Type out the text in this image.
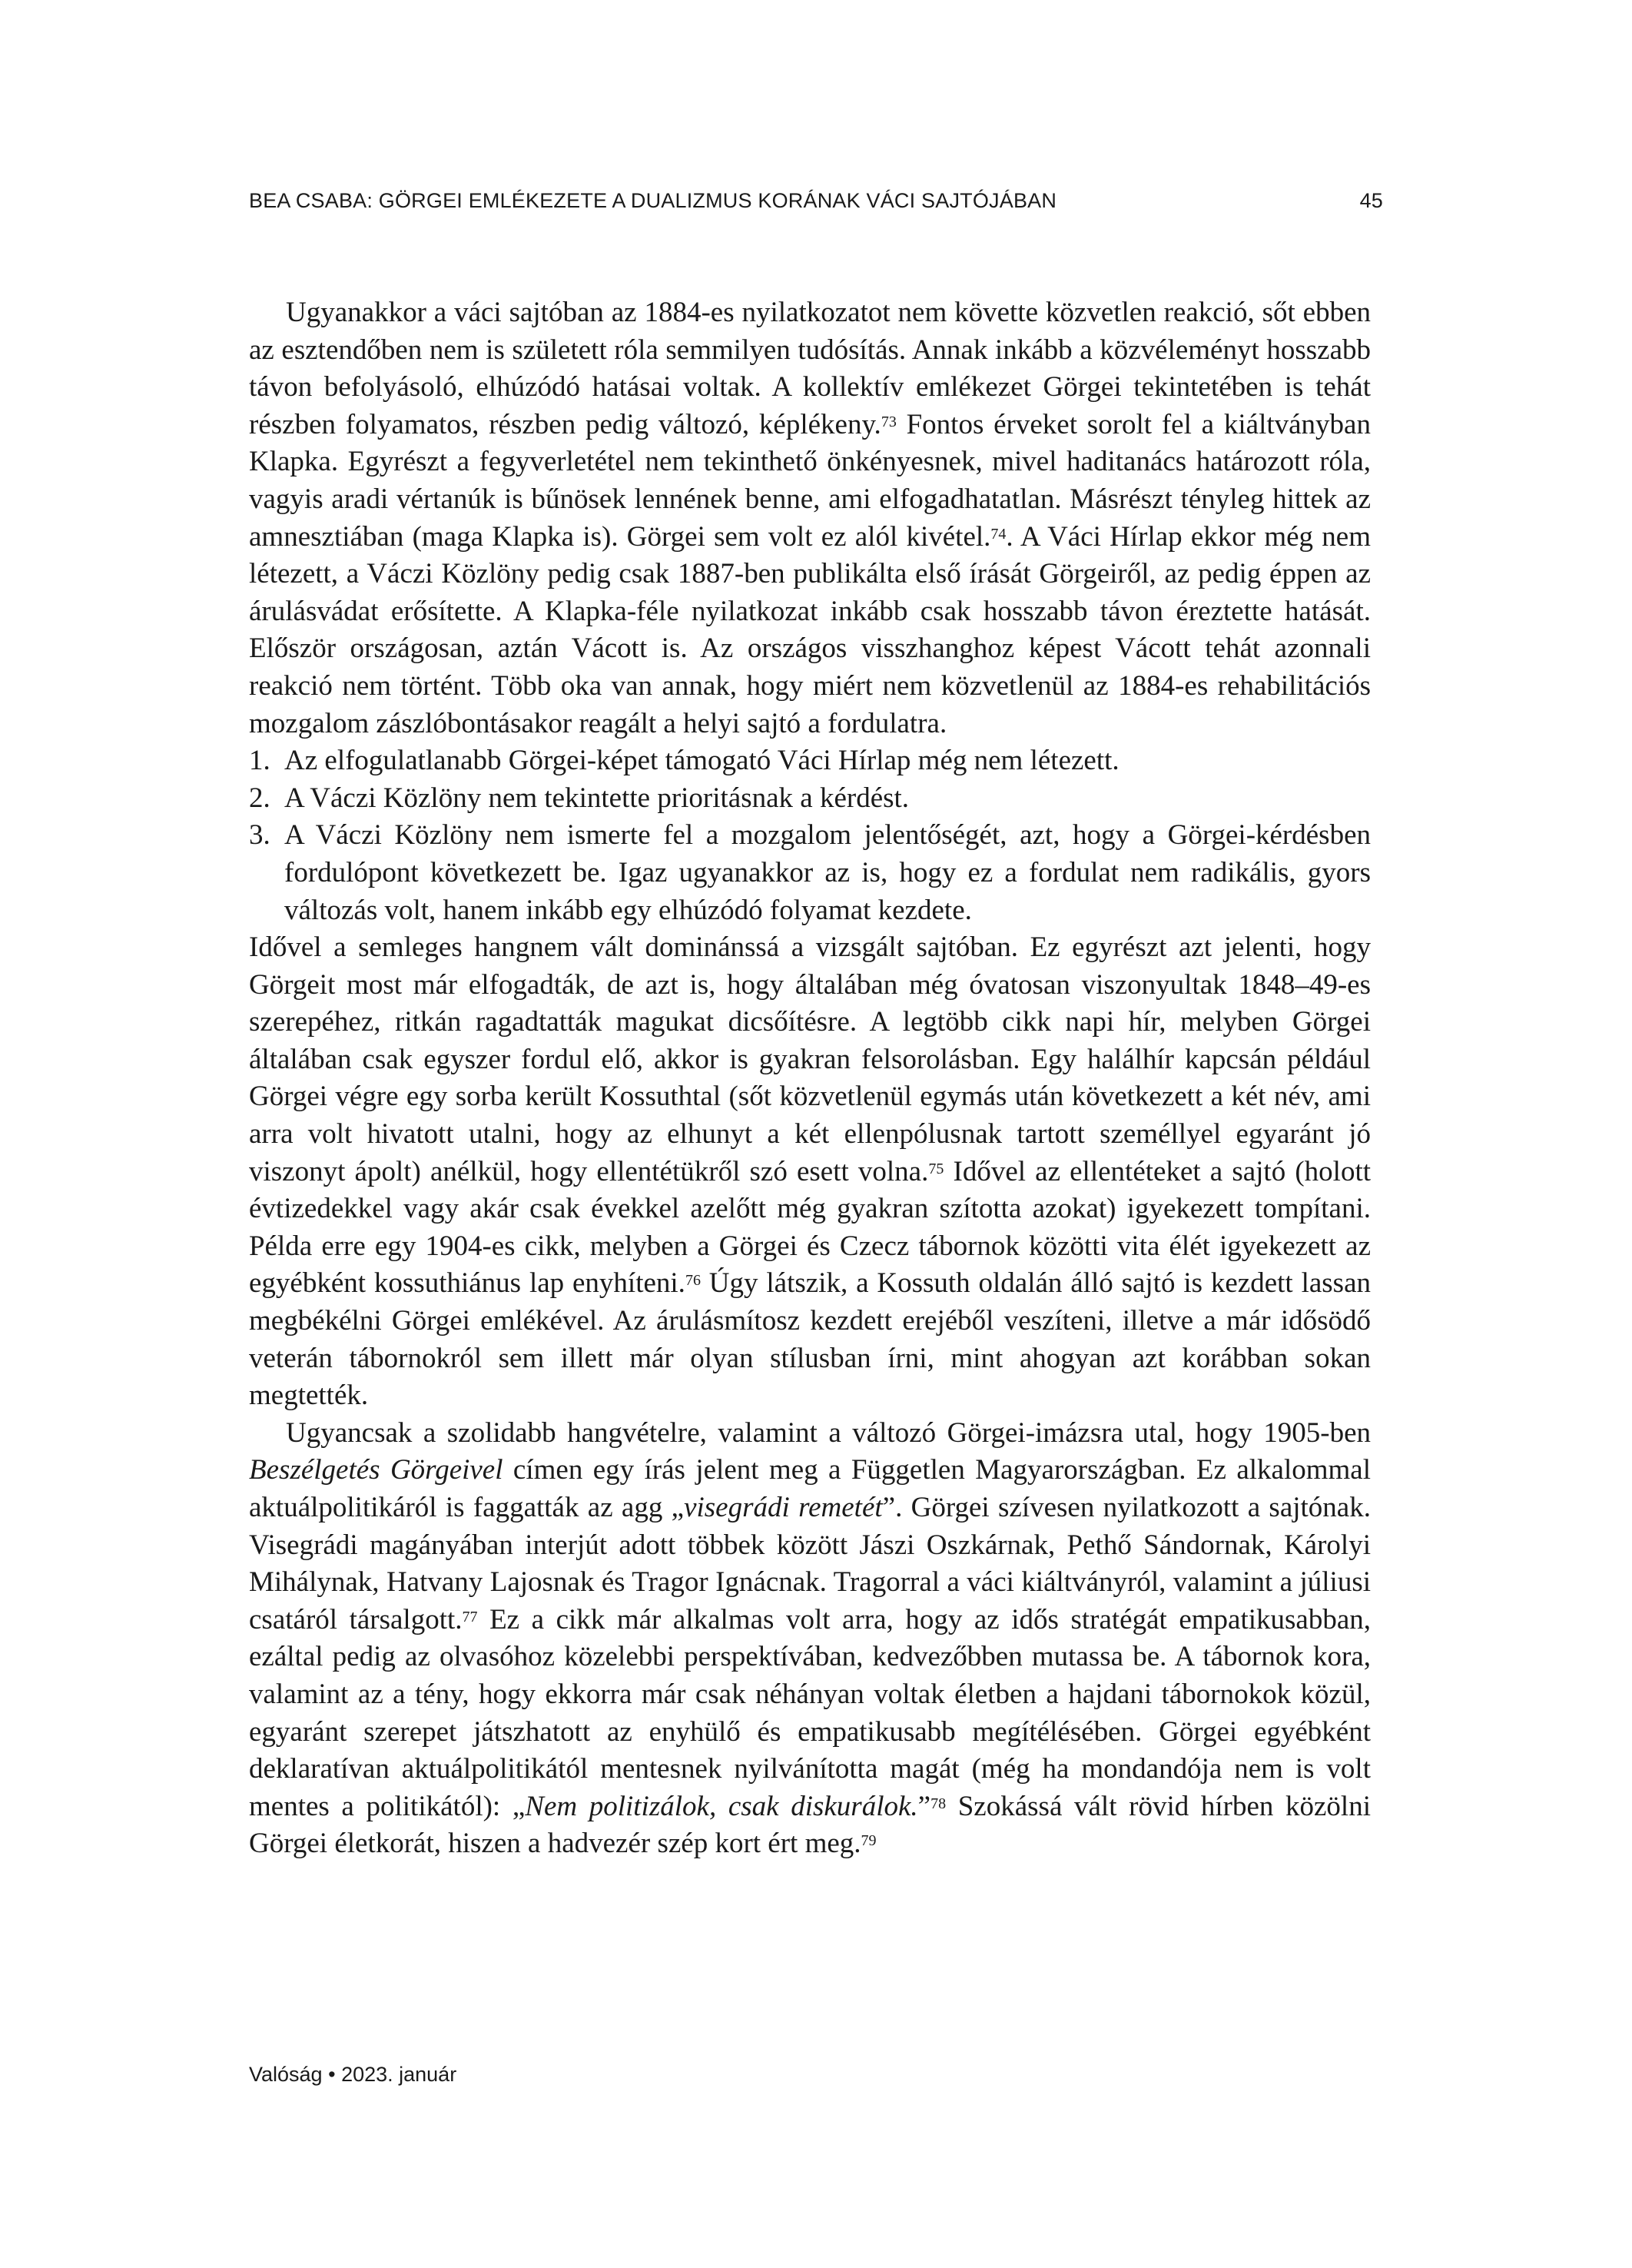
BEA CSABA: GÖRGEI EMLÉKEZETE A DUALIZMUS KORÁNAK VÁCI SAJTÓJÁBAN	45

Ugyanakkor a váci sajtóban az 1884-es nyilatkozatot nem követte közvetlen reakció, sőt ebben az esztendőben nem is született róla semmilyen tudósítás. Annak inkább a közvéleményt hosszabb távon befolyásoló, elhúzódó hatásai voltak. A kollektív emlékezet Görgei tekintetében is tehát részben folyamatos, részben pedig változó, képlékeny.$^{73}$ Fontos érveket sorolt fel a kiáltványban Klapka. Egyrészt a fegyverletétel nem tekinthető önkényesnek, mivel haditanács határozott róla, vagyis aradi vértanúk is bűnösek lennének benne, ami elfogadhatatlan. Másrészt tényleg hittek az amnesztiában (maga Klapka is). Görgei sem volt ez alól kivétel.$^{74}$. A Váci Hírlap ekkor még nem létezett, a Váczi Közlöny pedig csak 1887-ben publikálta első írását Görgeiről, az pedig éppen az árulásvádat erősítette. A Klapka-féle nyilatkozat inkább csak hosszabb távon éreztette hatását. Először országosan, aztán Vácott is. Az országos visszhanghoz képest Vácott tehát azonnali reakció nem történt. Több oka van annak, hogy miért nem közvetlenül az 1884-es rehabilitációs mozgalom zászlóbontásakor reagált a helyi sajtó a fordulatra.

1. Az elfogulatlanabb Görgei-képet támogató Váci Hírlap még nem létezett.
2. A Váczi Közlöny nem tekintette prioritásnak a kérdést.
3. A Váczi Közlöny nem ismerte fel a mozgalom jelentőségét, azt, hogy a Görgei-kérdésben fordulópont következett be. Igaz ugyanakkor az is, hogy ez a fordulat nem radikális, gyors változás volt, hanem inkább egy elhúzódó folyamat kezdete.

Idővel a semleges hangnem vált dominánssá a vizsgált sajtóban. Ez egyrészt azt jelenti, hogy Görgeit most már elfogadták, de azt is, hogy általában még óvatosan viszonyultak 1848–49-es szerepéhez, ritkán ragadtatták magukat dicsőítésre. A legtöbb cikk napi hír, melyben Görgei általában csak egyszer fordul elő, akkor is gyakran felsorolásban. Egy halálhír kapcsán például Görgei végre egy sorba került Kossuthtal (sőt közvetlenül egymás után következett a két név, ami arra volt hivatott utalni, hogy az elhunyt a két ellenpólusnak tartott személlyel egyaránt jó viszonyt ápolt) anélkül, hogy ellentétükről szó esett volna.$^{75}$ Idővel az ellentéteket a sajtó (holott évtizedekkel vagy akár csak évekkel azelőtt még gyakran szította azokat) igyekezett tompítani. Példa erre egy 1904-es cikk, melyben a Görgei és Czecz tábornok közötti vita élét igyekezett az egyébként kossuthiánus lap enyhíteni.$^{76}$ Úgy látszik, a Kossuth oldalán álló sajtó is kezdett lassan megbékélni Görgei emlékével. Az árulásmítosz kezdett erejéből veszíteni, illetve a már idősödő veterán tábornokról sem illett már olyan stílusban írni, mint ahogyan azt korábban sokan megtették.

Ugyancsak a szolidabb hangvételre, valamint a változó Görgei-imázsra utal, hogy 1905-ben Beszélgetés Görgeivel címen egy írás jelent meg a Független Magyarországban. Ez alkalommal aktuálpolitikáról is faggatták az agg „visegrádi remetét”. Görgei szívesen nyilatkozott a sajtónak. Visegrádi magányában interjút adott többek között Jászi Oszkárnak, Pethő Sándornak, Károlyi Mihálynak, Hatvany Lajosnak és Tragor Ignácnak. Tragorral a váci kiáltványról, valamint a júliusi csatáról társalgott.$^{77}$ Ez a cikk már alkalmas volt arra, hogy az idős stratégát empatikusabban, ezáltal pedig az olvasóhoz közelebbi perspektívában, kedvezőbben mutassa be. A tábornok kora, valamint az a tény, hogy ekkorra már csak néhányan voltak életben a hajdani tábornokok közül, egyaránt szerepet játszhatott az enyhülő és empatikusabb megítélésében. Görgei egyébként deklaratívan aktuálpolitikától mentesnek nyilvánította magát (még ha mondandója nem is volt mentes a politikától): „Nem politizálok, csak diskurálok.”$^{78}$ Szokássá vált rövid hírben közölni Görgei életkorát, hiszen a hadvezér szép kort ért meg.$^{79}$

Valóság • 2023. január
